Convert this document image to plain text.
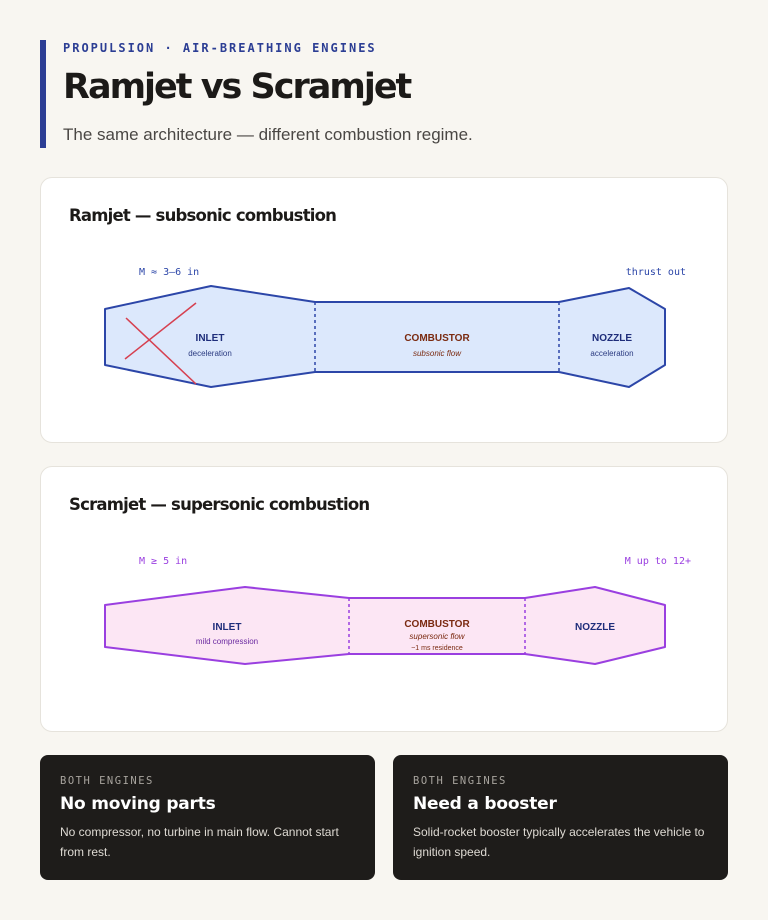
PROPULSION · AIR-BREATHING ENGINES
Ramjet vs Scramjet
The same architecture — different combustion regime.
Ramjet — subsonic combustion
M ≈ 3–6 in	thrust out
INLET
deceleration
COMBUSTOR
subsonic flow
NOZZLE
acceleration
Scramjet — supersonic combustion
M ≥ 5 in	M up to 12+
INLET
mild compression
COMBUSTOR
supersonic flow
~1 ms residence
NOZZLE
BOTH ENGINES
No moving parts
No compressor, no turbine in main flow. Cannot start from rest.
BOTH ENGINES
Need a booster
Solid-rocket booster typically accelerates the vehicle to ignition speed.
